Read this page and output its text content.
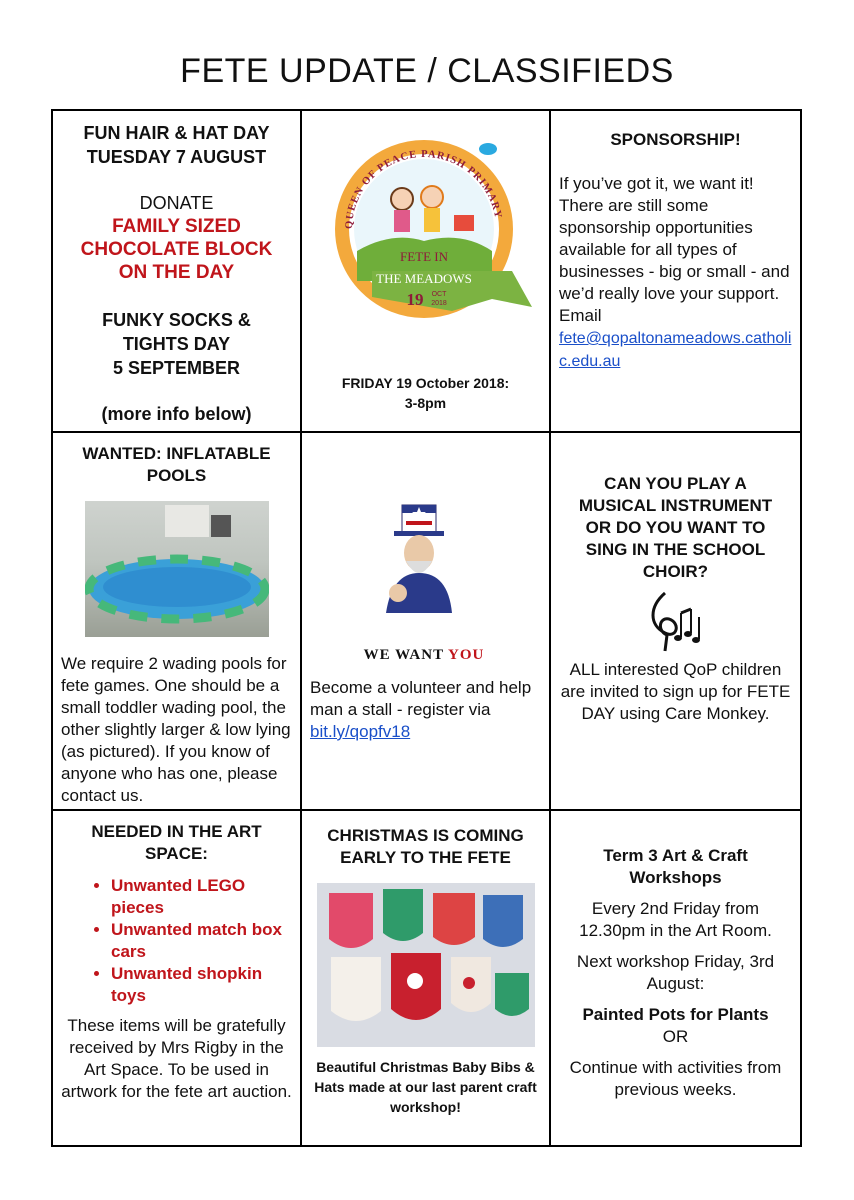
FETE UPDATE / CLASSIFIEDS
FUN HAIR & HAT DAY
TUESDAY 7 AUGUST
DONATE
FAMILY SIZED
CHOCOLATE BLOCK
ON THE DAY
FUNKY SOCKS &
TIGHTS DAY
5 SEPTEMBER
(more info below)
QUEEN OF PEACE PARISH PRIMARY
FETE IN
THE MEADOWS
19 OCT
2018
FRIDAY 19 October 2018:
3-8pm
SPONSORSHIP!

If you’ve got it, we want it! There are still some sponsorship opportunities available for all types of businesses - big or small - and we’d really love your support.

Email

fete@qopaltonameadows.catholic.edu.au
WANTED: INFLATABLE
POOLS

We require 2 wading pools for fete games. One should be a small toddler wading pool, the other slightly larger & low lying (as pictured). If you know of anyone who has one, please contact us.

WE WANT YOU
Become a volunteer and help man a stall - register via bit.ly/qopfv18
CAN YOU PLAY A
MUSICAL INSTRUMENT
OR DO YOU WANT TO
SING IN THE SCHOOL
CHOIR?

ALL interested QoP children are invited to sign up for FETE DAY using Care Monkey.

NEEDED IN THE ART
SPACE:
• Unwanted LEGO pieces
• Unwanted match box cars
• Unwanted shopkin toys

These items will be gratefully received by Mrs Rigby in the Art Space. To be used in artwork for the fete art auction.

CHRISTMAS IS COMING
EARLY TO THE FETE
Beautiful Christmas Baby Bibs & Hats made at our last parent craft workshop!
Term 3 Art & Craft
Workshops

Every 2nd Friday from 12.30pm in the Art Room.

Next workshop Friday, 3rd August:

Painted Pots for Plants

OR

Continue with activities from previous weeks.
